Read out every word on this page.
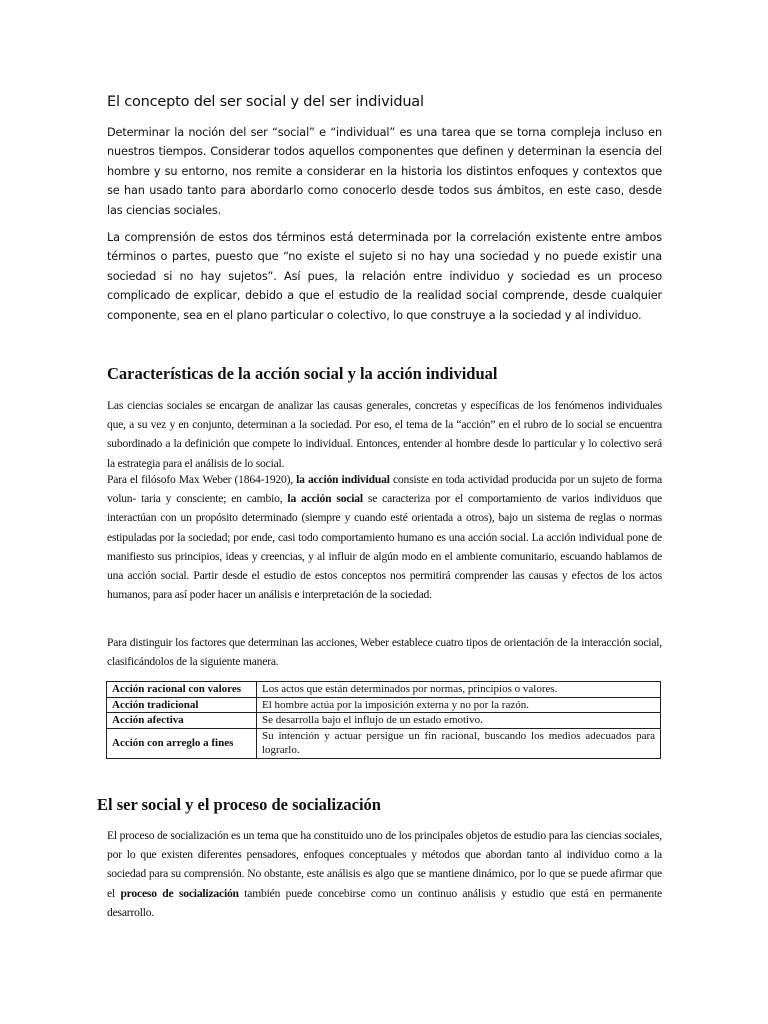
El concepto del ser social y del ser individual

Determinar la noción del ser “social” e “individual” es una tarea que se torna compleja incluso en nuestros tiempos. Considerar todos aquellos componentes que definen y determinan la esencia del hombre y su entorno, nos remite a considerar en la historia los distintos enfoques y contextos que se han usado tanto para abordarlo como conocerlo desde todos sus ámbitos, en este caso, desde las ciencias sociales.

La comprensión de estos dos términos está determinada por la correlación existente entre ambos términos o partes, puesto que “no existe el sujeto si no hay una sociedad y no puede existir una sociedad si no hay sujetos”. Así pues, la relación entre individuo y sociedad es un proceso complicado de explicar, debido a que el estudio de la realidad social comprende, desde cualquier componente, sea en el plano particular o colectivo, lo que construye a la sociedad y al individuo.

Características de la acción social y la acción individual

Las ciencias sociales se encargan de analizar las causas generales, concretas y específicas de los fenómenos individuales que, a su vez y en conjunto, determinan a la sociedad. Por eso, el tema de la “acción” en el rubro de lo social se encuentra subordinado a la definición que compete lo individual. Entonces, entender al hombre desde lo particular y lo colectivo será la estrategia para el análisis de lo social.

Para el filósofo Max Weber (1864-1920), la acción individual consiste en toda actividad producida por un sujeto de forma volun- taria y consciente; en cambio, la acción social se caracteriza por el comportamiento de varios individuos que interactúan con un propósito determinado (siempre y cuando esté orientada a otros), bajo un sistema de reglas o normas estipuladas por la sociedad; por ende, casi todo comportamiento humano es una acción social. La acción individual pone de manifiesto sus principios, ideas y creencias, y al influir de algún modo en el ambiente comunitario, escuando hablamos de una acción social. Partir desde el estudio de estos conceptos nos permitirá comprender las causas y efectos de los actos humanos, para así poder hacer un análisis e interpretación de la sociedad.

Para distinguir los factores que determinan las acciones, Weber establece cuatro tipos de orientación de la interacción social, clasificándolos de la siguiente manera.

Acción racional con valores	Los actos que están determinados por normas, principios o valores.
Acción tradicional	El hombre actúa por la imposición externa y no por la razón.
Acción afectiva	Se desarrolla bajo el influjo de un estado emotivo.
Acción con arreglo a fines	Su intención y actuar persigue un fin racional, buscando los medios adecuados para lograrlo.
El ser social y el proceso de socialización

El proceso de socialización es un tema que ha constituido uno de los principales objetos de estudio para las ciencias sociales, por lo que existen diferentes pensadores, enfoques conceptuales y métodos que abordan tanto al individuo como a la sociedad para su comprensión. No obstante, este análisis es algo que se mantiene dinámico, por lo que se puede afirmar que el proceso de socialización también puede concebirse como un continuo análisis y estudio que está en permanente desarrollo.
